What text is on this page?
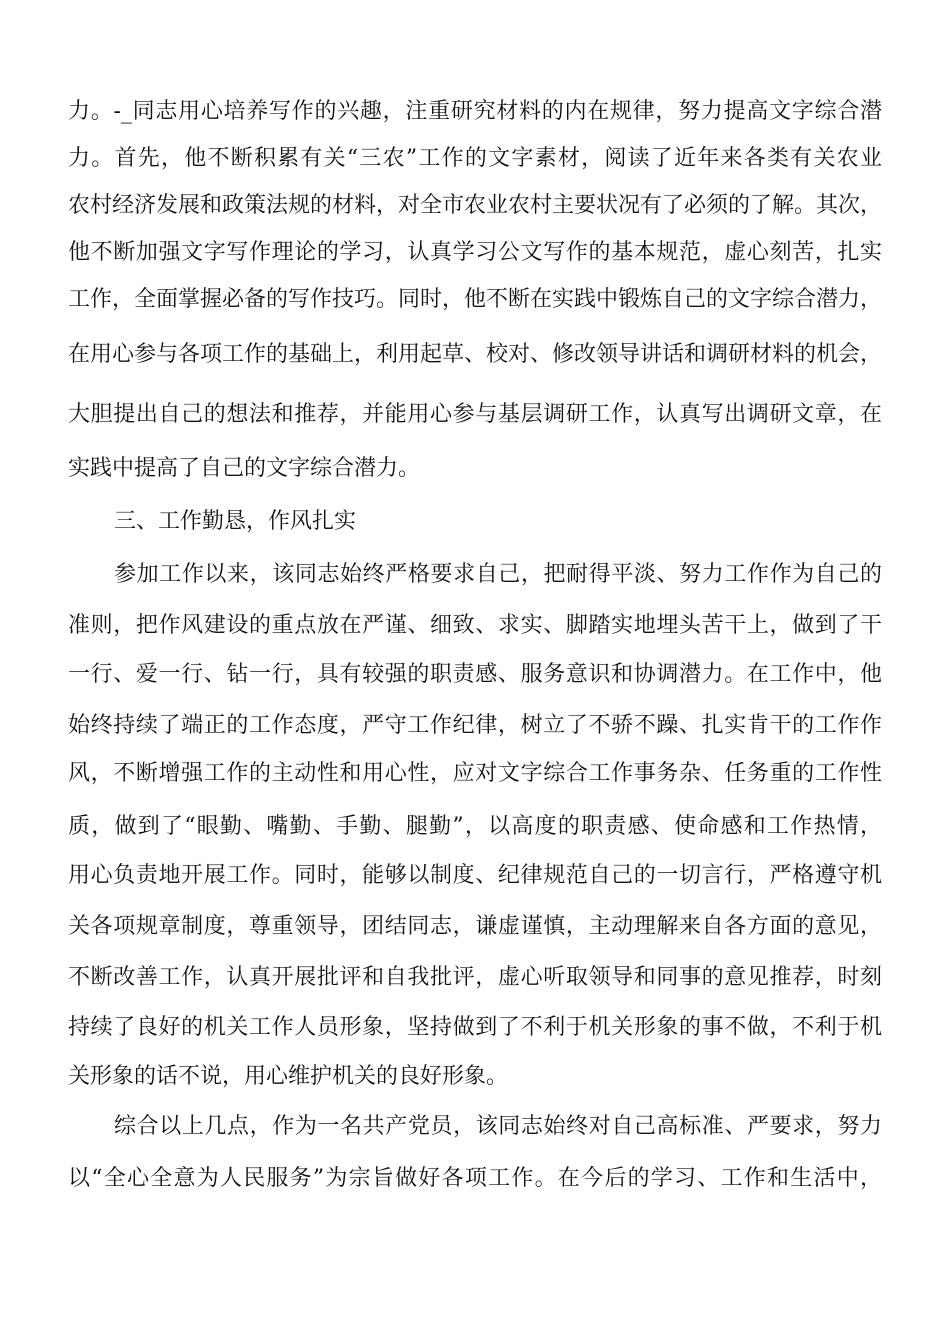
力。-_同志用心培养写作的兴趣，注重研究材料的内在规律，努力提高文字综合潜
力。首先，他不断积累有关“三农”工作的文字素材，阅读了近年来各类有关农业
农村经济发展和政策法规的材料，对全市农业农村主要状况有了必须的了解。其次，
他不断加强文字写作理论的学习，认真学习公文写作的基本规范，虚心刻苦，扎实
工作，全面掌握必备的写作技巧。同时，他不断在实践中锻炼自己的文字综合潜力，
在用心参与各项工作的基础上，利用起草、校对、修改领导讲话和调研材料的机会，
大胆提出自己的想法和推荐，并能用心参与基层调研工作，认真写出调研文章，在
实践中提高了自己的文字综合潜力。
三、工作勤恳，作风扎实
参加工作以来，该同志始终严格要求自己，把耐得平淡、努力工作作为自己的
准则，把作风建设的重点放在严谨、细致、求实、脚踏实地埋头苦干上，做到了干
一行、爱一行、钻一行，具有较强的职责感、服务意识和协调潜力。在工作中，他
始终持续了端正的工作态度，严守工作纪律，树立了不骄不躁、扎实肯干的工作作
风，不断增强工作的主动性和用心性，应对文字综合工作事务杂、任务重的工作性
质，做到了“眼勤、嘴勤、手勤、腿勤”，以高度的职责感、使命感和工作热情，
用心负责地开展工作。同时，能够以制度、纪律规范自己的一切言行，严格遵守机
关各项规章制度，尊重领导，团结同志，谦虚谨慎，主动理解来自各方面的意见，
不断改善工作，认真开展批评和自我批评，虚心听取领导和同事的意见推荐，时刻
持续了良好的机关工作人员形象，坚持做到了不利于机关形象的事不做，不利于机
关形象的话不说，用心维护机关的良好形象。
综合以上几点，作为一名共产党员，该同志始终对自己高标准、严要求，努力
以“全心全意为人民服务”为宗旨做好各项工作。在今后的学习、工作和生活中，
